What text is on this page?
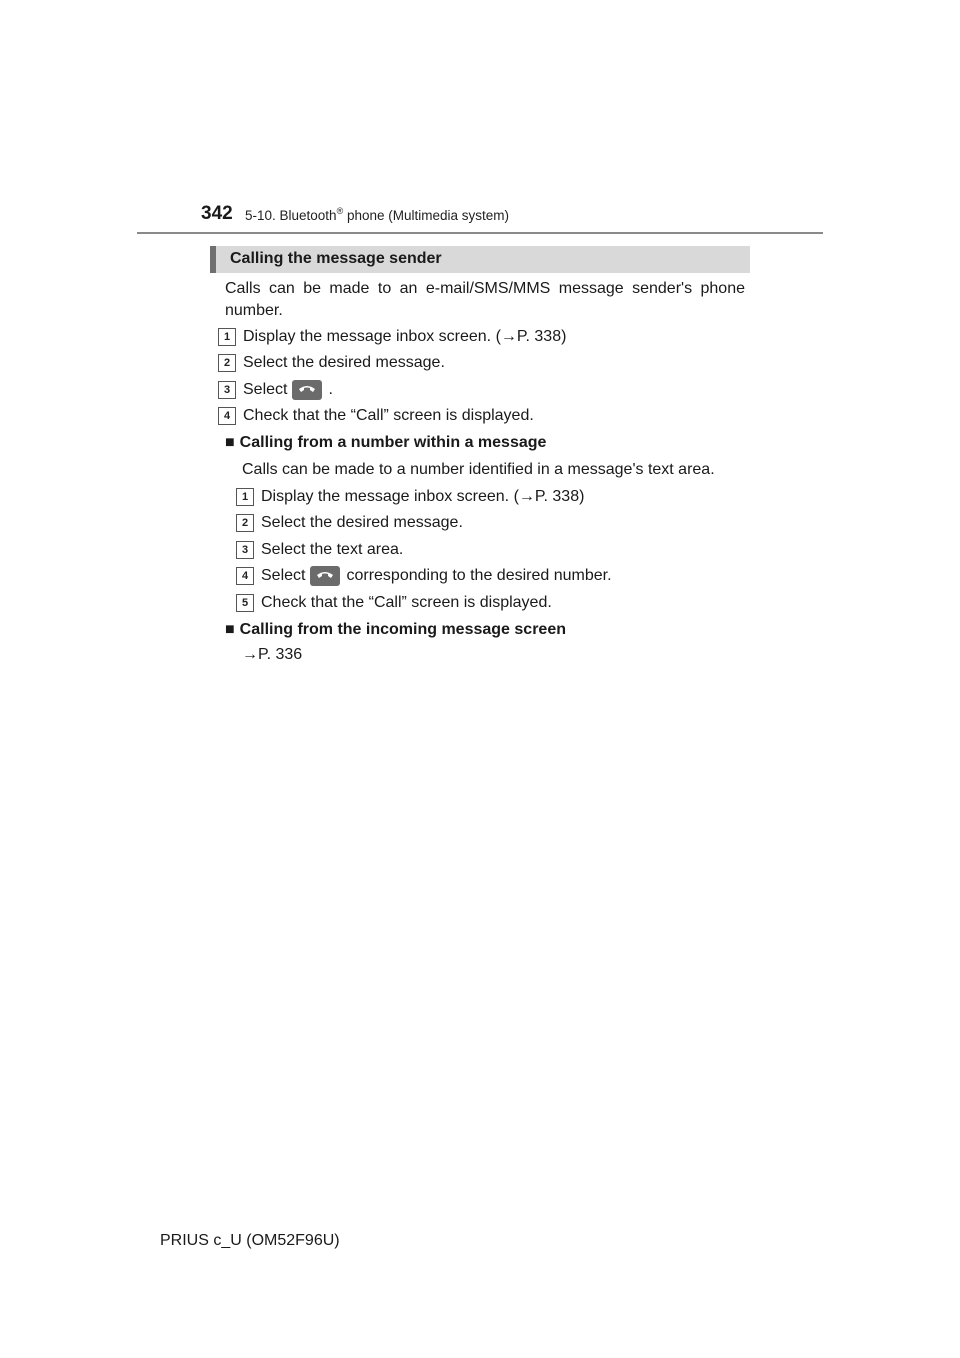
342 5-10. Bluetooth® phone (Multimedia system)
Calling the message sender
Calls can be made to an e-mail/SMS/MMS message sender's phone number.
1 Display the message inbox screen. (→P. 338)
2 Select the desired message.
3 Select	.
4 Check that the “Call” screen is displayed.
■ Calling from a number within a message
Calls can be made to a number identified in a message's text area.
1 Display the message inbox screen. (→P. 338)
2 Select the desired message.
3 Select the text area.
4 Select	corresponding to the desired number.
5 Check that the “Call” screen is displayed.
■ Calling from the incoming message screen
→P. 336
PRIUS c_U (OM52F96U)
